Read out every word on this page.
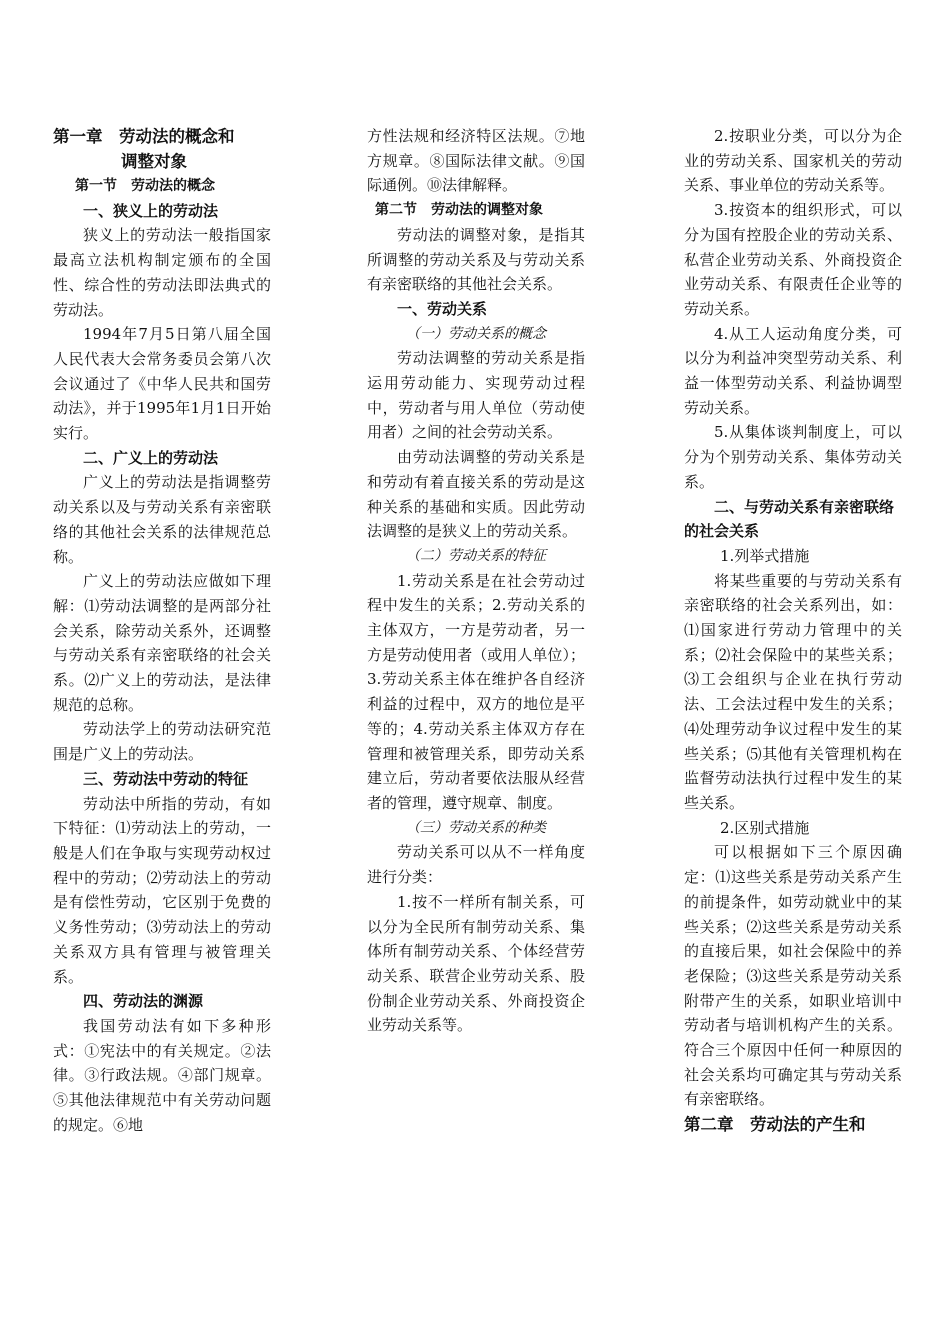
第一章　劳动法的概念和
调整对象
第一节　劳动法的概念
一、狭义上的劳动法

狭义上的劳动法一般指国家最高立法机构制定颁布的全国性、综合性的劳动法即法典式的劳动法。

1994年7月5日第八届全国人民代表大会常务委员会第八次会议通过了《中华人民共和国劳动法》，并于1995年1月1日开始实行。

二、广义上的劳动法

广义上的劳动法是指调整劳动关系以及与劳动关系有亲密联络的其他社会关系的法律规范总称。

广义上的劳动法应做如下理解：⑴劳动法调整的是两部分社会关系，除劳动关系外，还调整与劳动关系有亲密联络的社会关系。⑵广义上的劳动法，是法律规范的总称。

劳动法学上的劳动法研究范围是广义上的劳动法。

三、劳动法中劳动的特征

劳动法中所指的劳动，有如下特征：⑴劳动法上的劳动，一般是人们在争取与实现劳动权过程中的劳动；⑵劳动法上的劳动是有偿性劳动，它区别于免费的义务性劳动；⑶劳动法上的劳动关系双方具有管理与被管理关系。

四、劳动法的渊源

我国劳动法有如下多种形式：①宪法中的有关规定。②法律。③行政法规。④部门规章。⑤其他法律规范中有关劳动问题的规定。⑥地

方性法规和经济特区法规。⑦地方规章。⑧国际法律文献。⑨国际通例。⑩法律解释。

第二节　劳动法的调整对象

劳动法的调整对象，是指其所调整的劳动关系及与劳动关系有亲密联络的其他社会关系。

一、劳动关系
（一）劳动关系的概念

劳动法调整的劳动关系是指运用劳动能力、实现劳动过程中，劳动者与用人单位（劳动使用者）之间的社会劳动关系。

由劳动法调整的劳动关系是和劳动有着直接关系的劳动是这种关系的基础和实质。因此劳动法调整的是狭义上的劳动关系。

（二）劳动关系的特征

1.劳动关系是在社会劳动过程中发生的关系；2.劳动关系的主体双方，一方是劳动者，另一方是劳动使用者（或用人单位）；3.劳动关系主体在维护各自经济利益的过程中，双方的地位是平等的；4.劳动关系主体双方存在管理和被管理关系，即劳动关系建立后，劳动者要依法服从经营者的管理，遵守规章、制度。

（三）劳动关系的种类

劳动关系可以从不一样角度进行分类：

1.按不一样所有制关系，可以分为全民所有制劳动关系、集体所有制劳动关系、个体经营劳动关系、联营企业劳动关系、股份制企业劳动关系、外商投资企业劳动关系等。

2.按职业分类，可以分为企业的劳动关系、国家机关的劳动关系、事业单位的劳动关系等。

3.按资本的组织形式，可以分为国有控股企业的劳动关系、私营企业劳动关系、外商投资企业劳动关系、有限责任企业等的劳动关系。

4.从工人运动角度分类，可以分为利益冲突型劳动关系、利益一体型劳动关系、利益协调型劳动关系。

5.从集体谈判制度上，可以分为个别劳动关系、集体劳动关系。

二、与劳动关系有亲密联络的社会关系
1.列举式措施

将某些重要的与劳动关系有亲密联络的社会关系列出，如：⑴国家进行劳动力管理中的关系；⑵社会保险中的某些关系；⑶工会组织与企业在执行劳动法、工会法过程中发生的关系；⑷处理劳动争议过程中发生的某些关系；⑸其他有关管理机构在监督劳动法执行过程中发生的某些关系。

2.区别式措施

可以根据如下三个原因确定：⑴这些关系是劳动关系产生的前提条件，如劳动就业中的某些关系；⑵这些关系是劳动关系的直接后果，如社会保险中的养老保险；⑶这些关系是劳动关系附带产生的关系，如职业培训中劳动者与培训机构产生的关系。符合三个原因中任何一种原因的社会关系均可确定其与劳动关系有亲密联络。

第二章　劳动法的产生和
